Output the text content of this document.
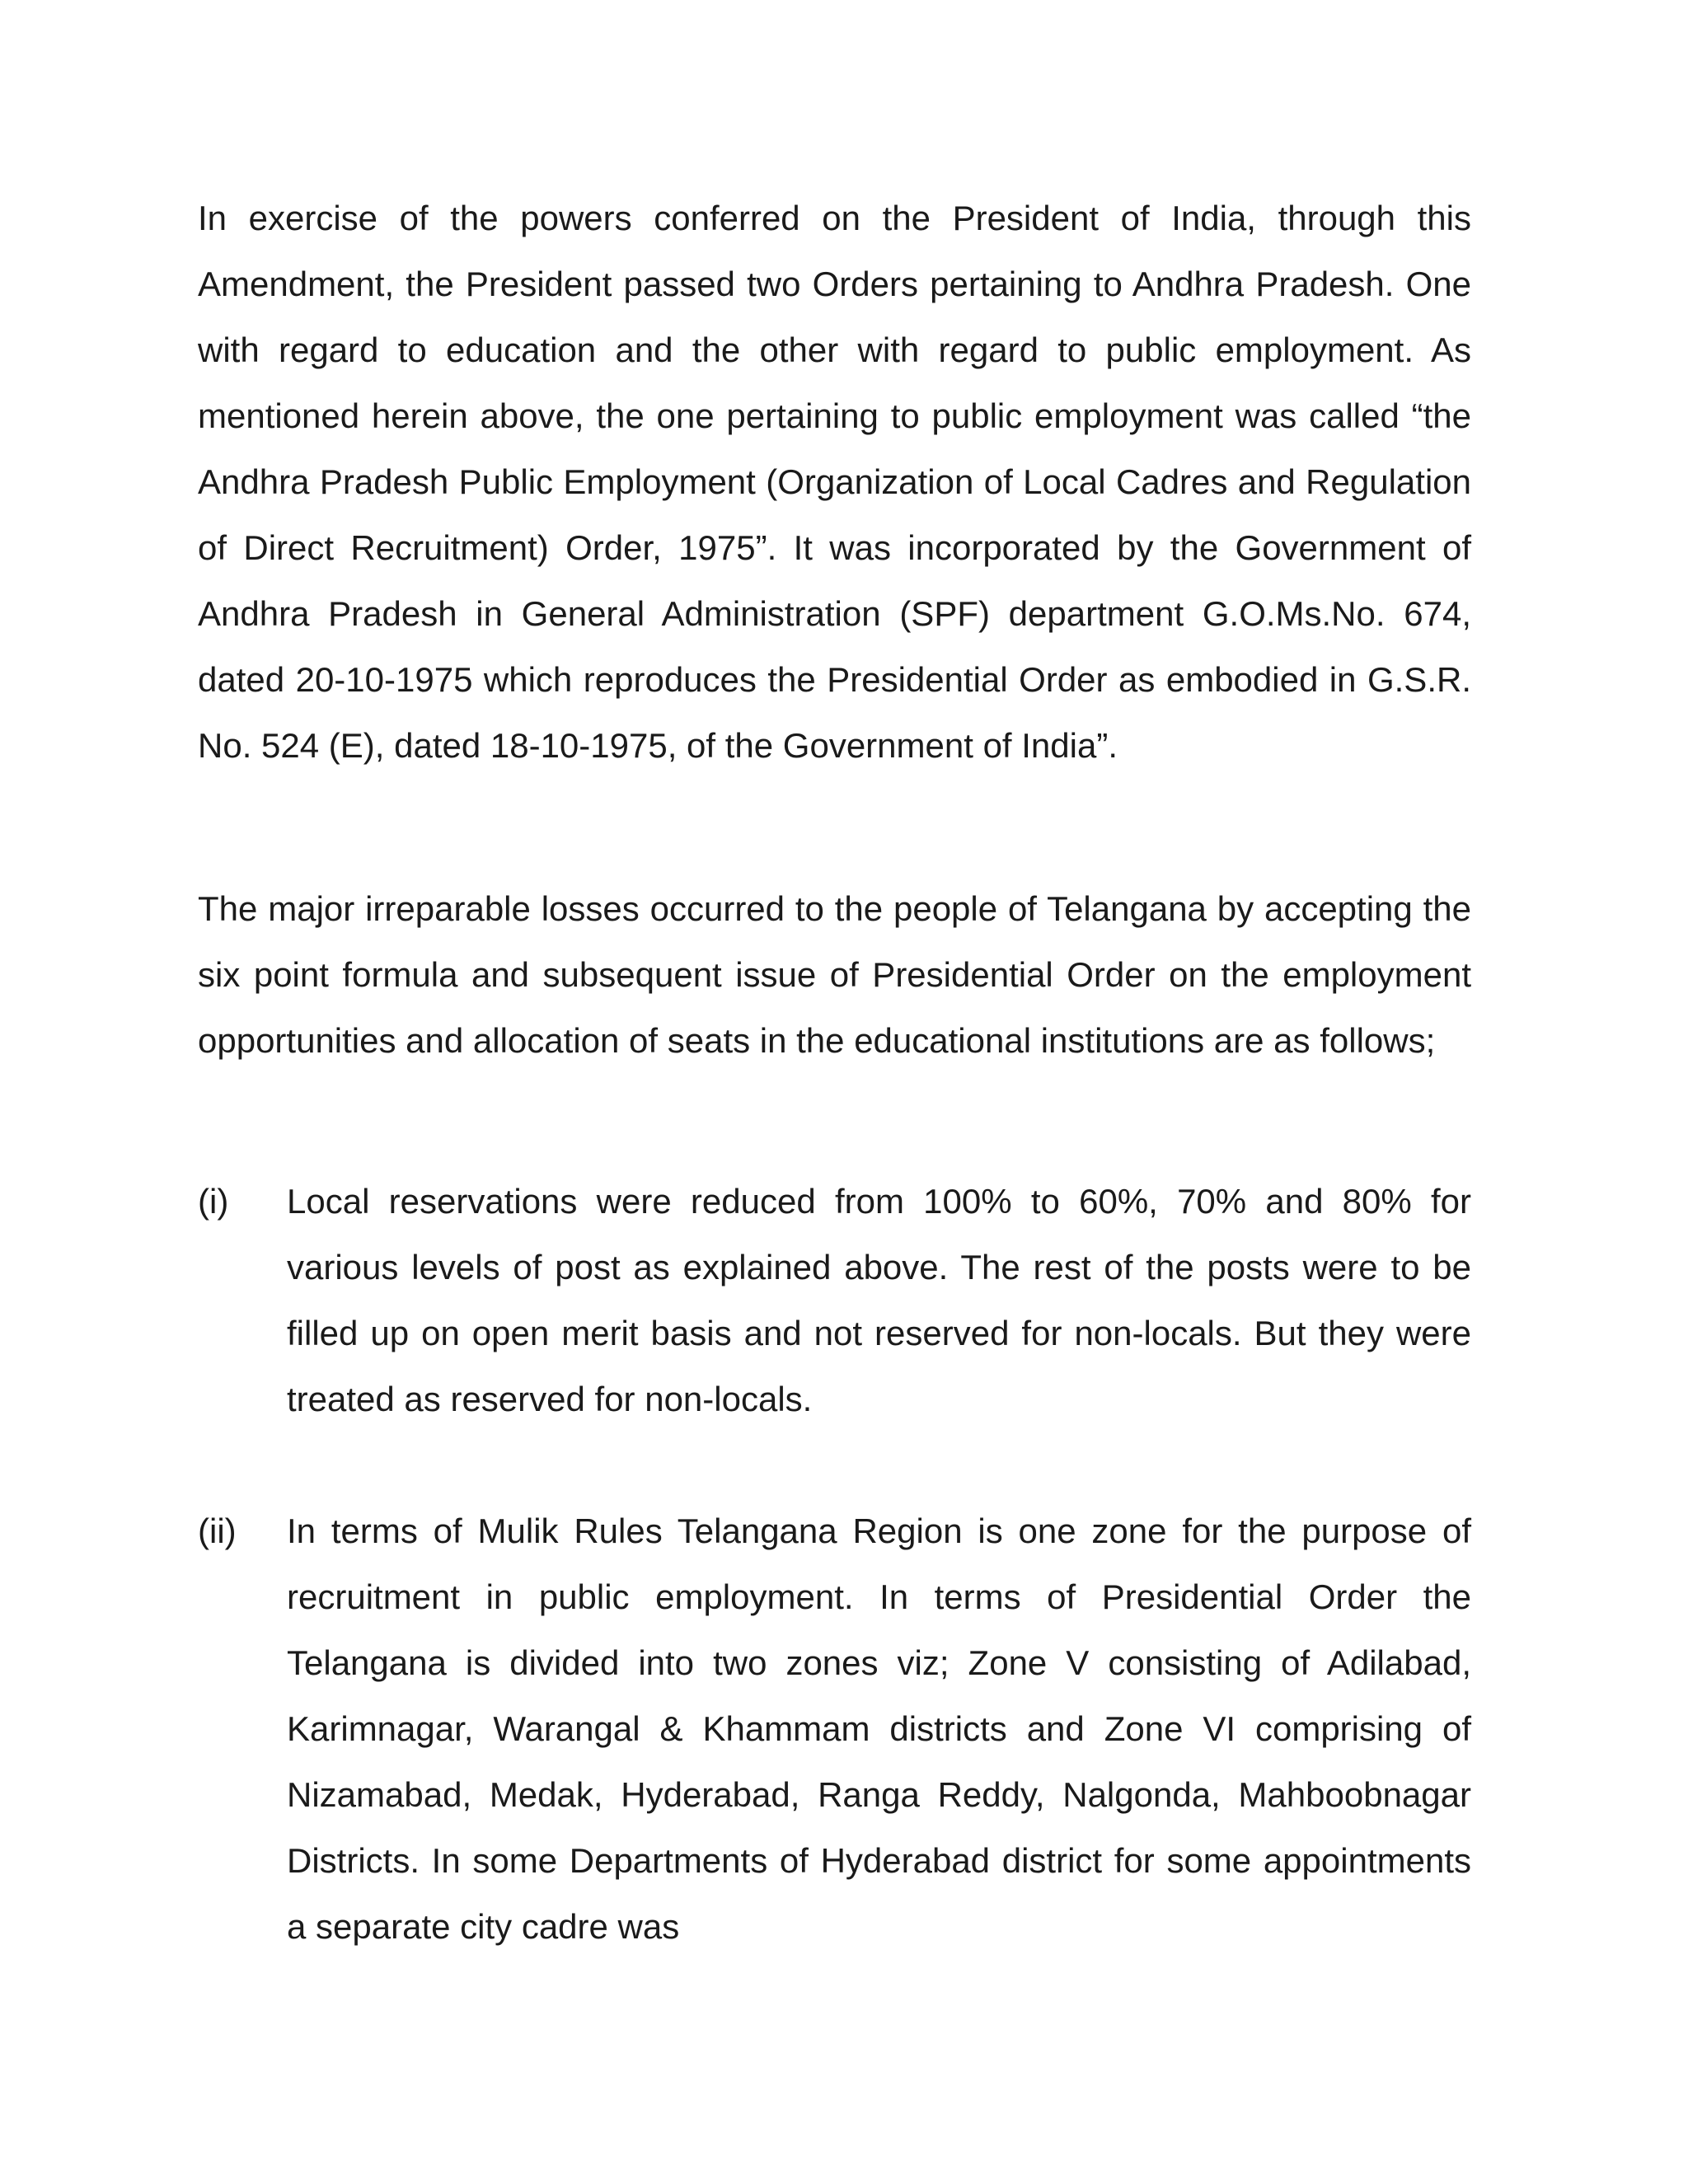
In exercise of the powers conferred on the President of India, through this Amendment, the President passed two Orders pertaining to Andhra Pradesh. One with regard to education and the other with regard to public employment. As mentioned herein above, the one pertaining to public employment was called “the Andhra Pradesh Public Employment (Organization of Local Cadres and Regulation of Direct Recruitment) Order, 1975”. It was incorporated by the Government of Andhra Pradesh in General Administration (SPF) department G.O.Ms.No. 674, dated 20-10-1975 which reproduces the Presidential Order as embodied in G.S.R. No. 524 (E), dated 18-10-1975, of the Government of India”.

The major irreparable losses occurred to the people of Telangana by accepting the six point formula and subsequent issue of Presidential Order on the employment opportunities and allocation of seats in the educational institutions are as follows;

(i)	Local reservations were reduced from 100% to 60%, 70% and 80% for various levels of post as explained above. The rest of the posts were to be filled up on open merit basis and not reserved for non-locals. But they were treated as reserved for non-locals.
(ii)	In terms of Mulik Rules Telangana Region is one zone for the purpose of recruitment in public employment. In terms of Presidential Order the Telangana is divided into two zones viz; Zone V consisting of Adilabad, Karimnagar, Warangal & Khammam districts and Zone VI comprising of Nizamabad, Medak, Hyderabad, Ranga Reddy, Nalgonda, Mahboobnagar Districts. In some Departments of Hyderabad district for some appointments a separate city cadre was
